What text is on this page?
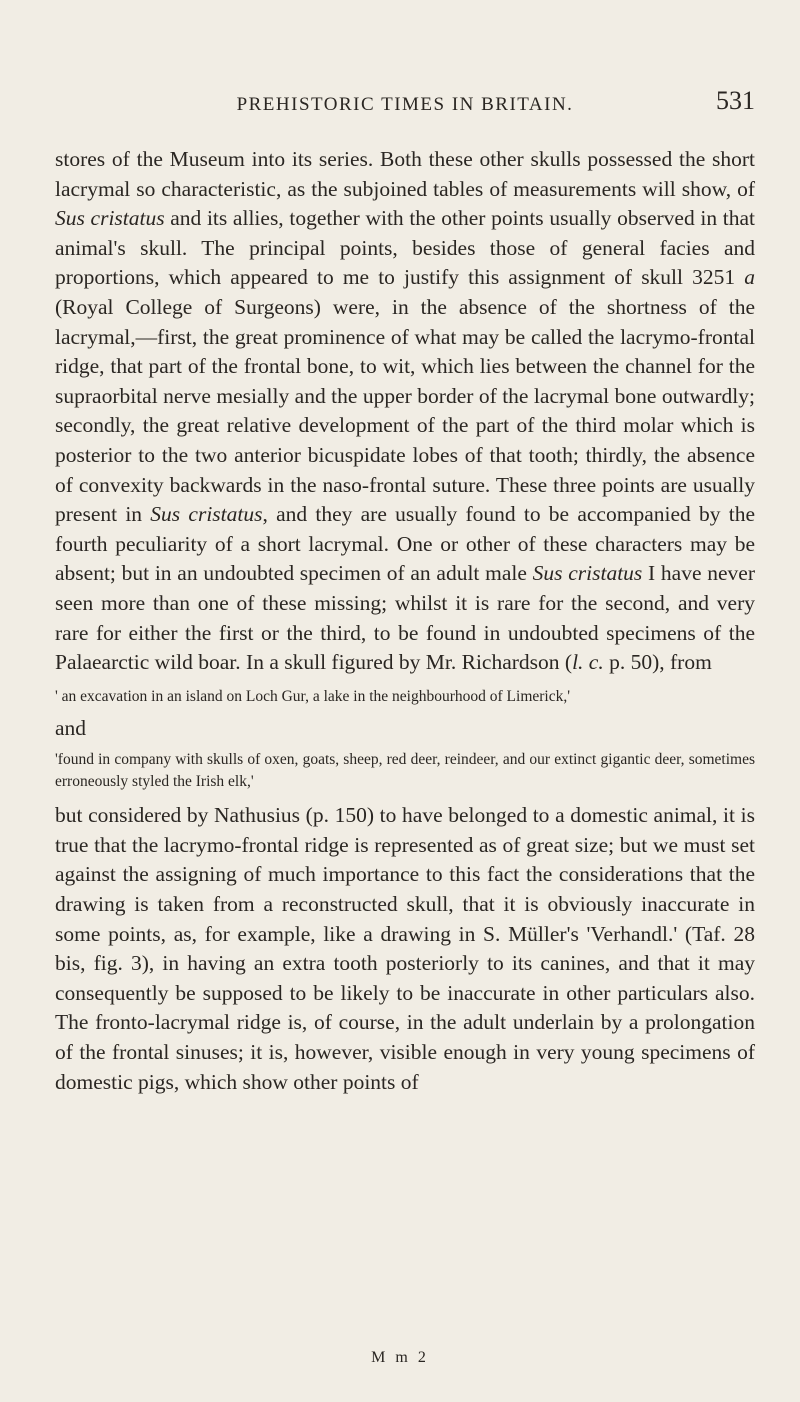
PREHISTORIC TIMES IN BRITAIN.	531

stores of the Museum into its series. Both these other skulls possessed the short lacrymal so characteristic, as the subjoined tables of measurements will show, of Sus cristatus and its allies, together with the other points usually observed in that animal's skull. The principal points, besides those of general facies and proportions, which appeared to me to justify this assignment of skull 3251 a (Royal College of Surgeons) were, in the absence of the shortness of the lacrymal,—first, the great prominence of what may be called the lacrymo-frontal ridge, that part of the frontal bone, to wit, which lies between the channel for the supraorbital nerve mesially and the upper border of the lacrymal bone outwardly; secondly, the great relative development of the part of the third molar which is posterior to the two anterior bicuspidate lobes of that tooth; thirdly, the absence of convexity backwards in the naso-frontal suture. These three points are usually present in Sus cristatus, and they are usually found to be accompanied by the fourth peculiarity of a short lacrymal. One or other of these characters may be absent; but in an undoubted specimen of an adult male Sus cristatus I have never seen more than one of these missing; whilst it is rare for the second, and very rare for either the first or the third, to be found in undoubted specimens of the Palaearctic wild boar. In a skull figured by Mr. Richardson (l. c. p. 50), from

' an excavation in an island on Loch Gur, a lake in the neighbourhood of Limerick,'

and

'found in company with skulls of oxen, goats, sheep, red deer, reindeer, and our extinct gigantic deer, sometimes erroneously styled the Irish elk,'

but considered by Nathusius (p. 150) to have belonged to a domestic animal, it is true that the lacrymo-frontal ridge is represented as of great size; but we must set against the assigning of much importance to this fact the considerations that the drawing is taken from a reconstructed skull, that it is obviously inaccurate in some points, as, for example, like a drawing in S. Müller's 'Verhandl.' (Taf. 28 bis, fig. 3), in having an extra tooth posteriorly to its canines, and that it may consequently be supposed to be likely to be inaccurate in other particulars also. The fronto-lacrymal ridge is, of course, in the adult underlain by a prolongation of the frontal sinuses; it is, however, visible enough in very young specimens of domestic pigs, which show other points of

M m 2
